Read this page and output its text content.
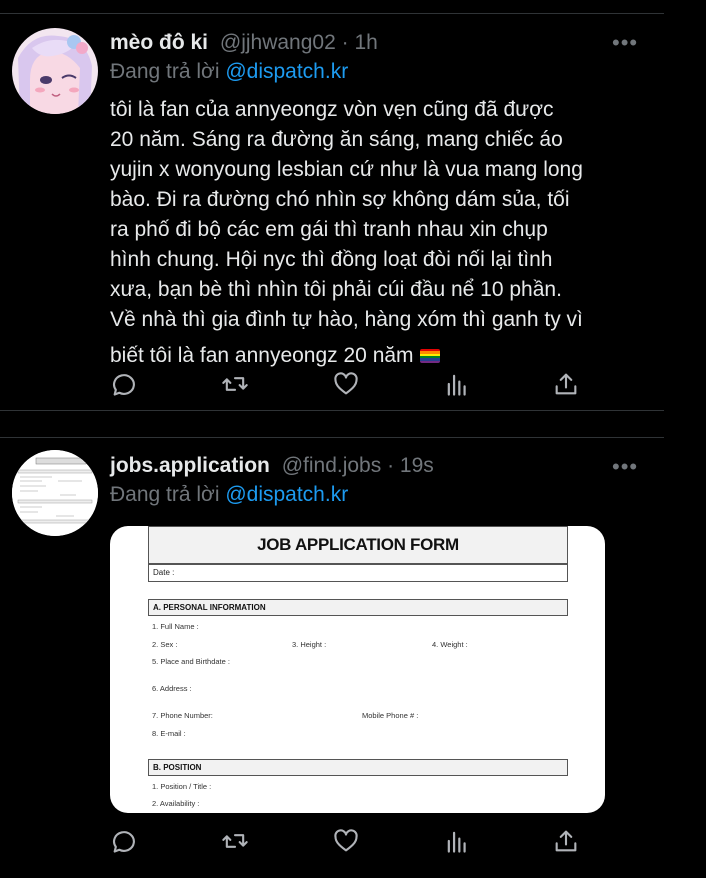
mèo đô ki @jjhwang02 · 1h	•••
Đang trả lời @dispatch.kr
tôi là fan của annyeongz vòn vẹn cũng đã được
20 năm. Sáng ra đường ăn sáng, mang chiếc áo
yujin x wonyoung lesbian cứ như là vua mang long
bào. Đi ra đường chó nhìn sợ không dám sủa, tối
ra phố đi bộ các em gái thì tranh nhau xin chụp
hình chung. Hội nyc thì đồng loạt đòi nối lại tình
xưa, bạn bè thì nhìn tôi phải cúi đầu nể 10 phần.
Về nhà thì gia đình tự hào, hàng xóm thì ganh ty vì
biết tôi là fan annyeongz 20 năm
jobs.application @find.jobs · 19s	•••
Đang trả lời @dispatch.kr
JOB APPLICATION FORM
Date :
A. PERSONAL INFORMATION
1. Full Name :
2. Sex :	3. Height :	4. Weight :
5. Place and Birthdate :
6. Address :
7. Phone Number:	Mobile Phone # :
8. E-mail :
B. POSITION
1. Position / Title :
2. Availability :
